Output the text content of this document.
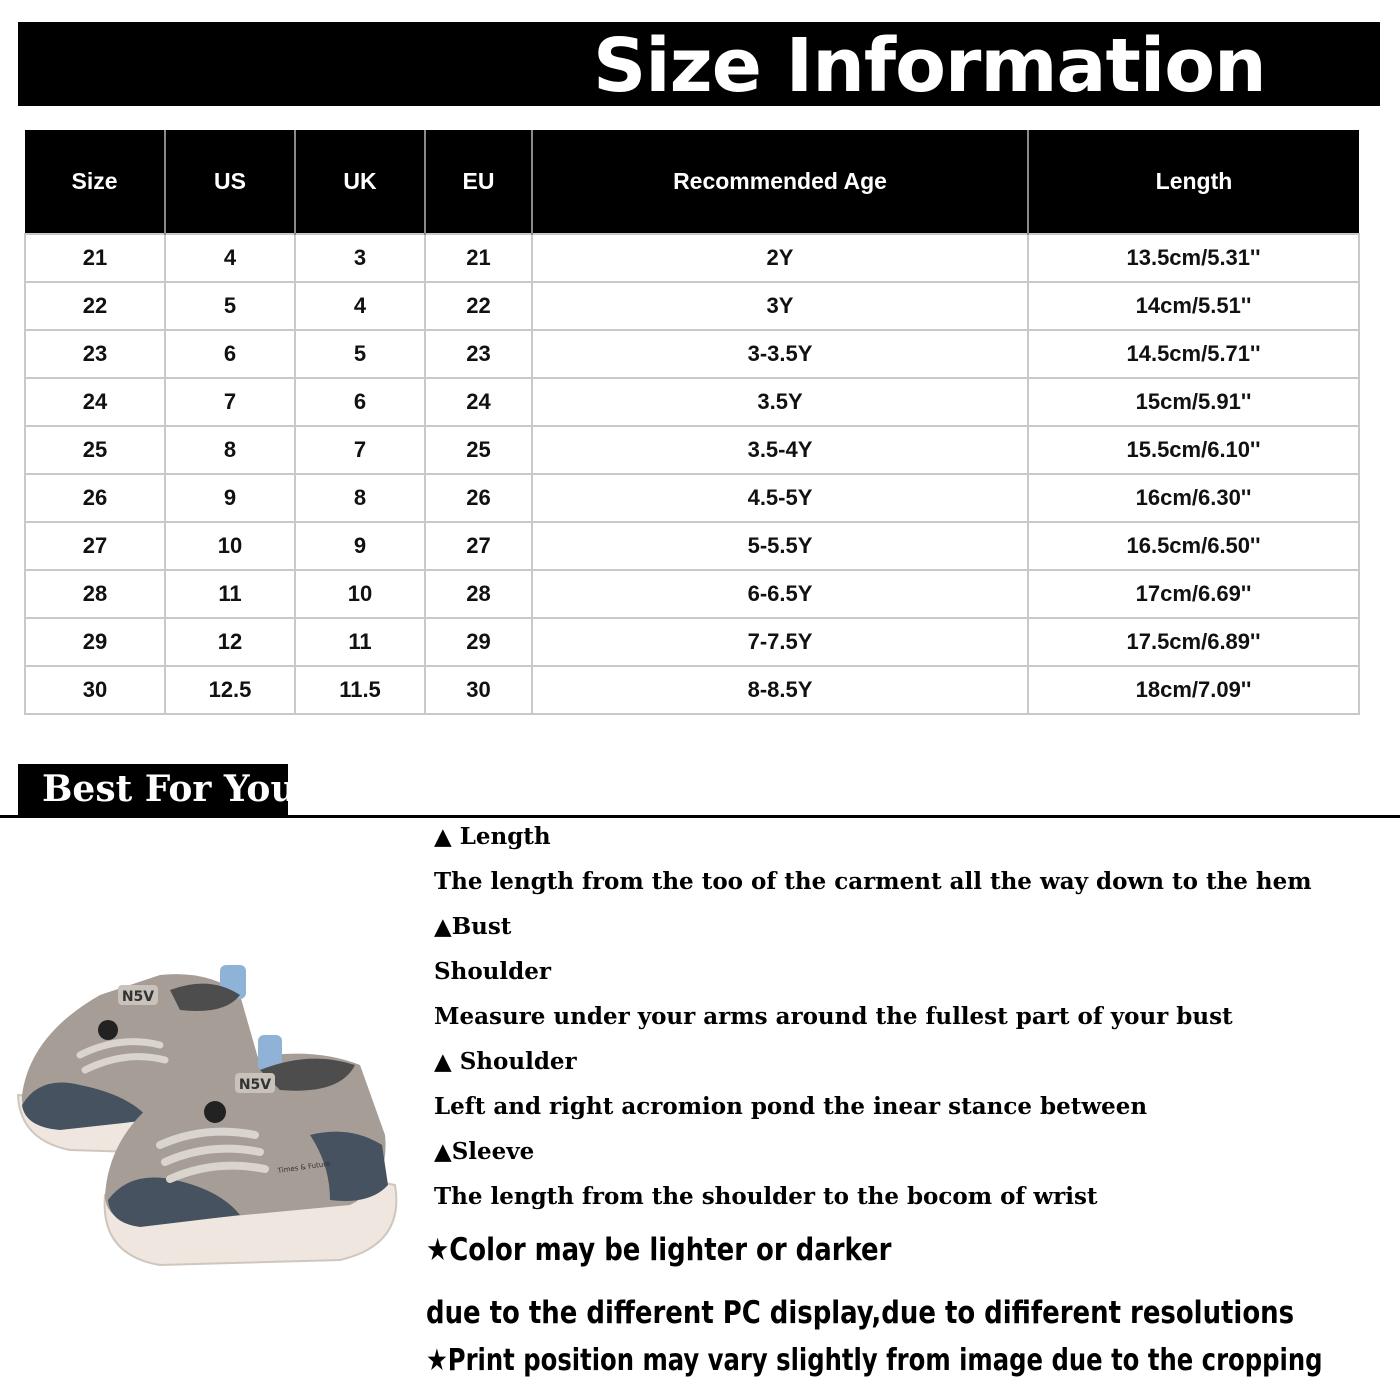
Size Information
Size	US	UK	EU	Recommended Age	Length
21	4	3	21	2Y	13.5cm/5.31''
22	5	4	22	3Y	14cm/5.51''
23	6	5	23	3-3.5Y	14.5cm/5.71''
24	7	6	24	3.5Y	15cm/5.91''
25	8	7	25	3.5-4Y	15.5cm/6.10''
26	9	8	26	4.5-5Y	16cm/6.30''
27	10	9	27	5-5.5Y	16.5cm/6.50''
28	11	10	28	6-6.5Y	17cm/6.69''
29	12	11	29	7-7.5Y	17.5cm/6.89''
30	12.5	11.5	30	8-8.5Y	18cm/7.09''
Best For You
N5V
N5V
Times & Future
▲ Length
The length from the too of the carment all the way down to the hem
▲Bust
Shoulder
Measure under your arms around the fullest part of your bust
▲ Shoulder
Left and right acromion pond the inear stance between
▲Sleeve
The length from the shoulder to the bocom of wrist
★Color may be lighter or darker
due to the different PC display,due to dififerent resolutions
★Print position may vary slightly from image due to the cropping
